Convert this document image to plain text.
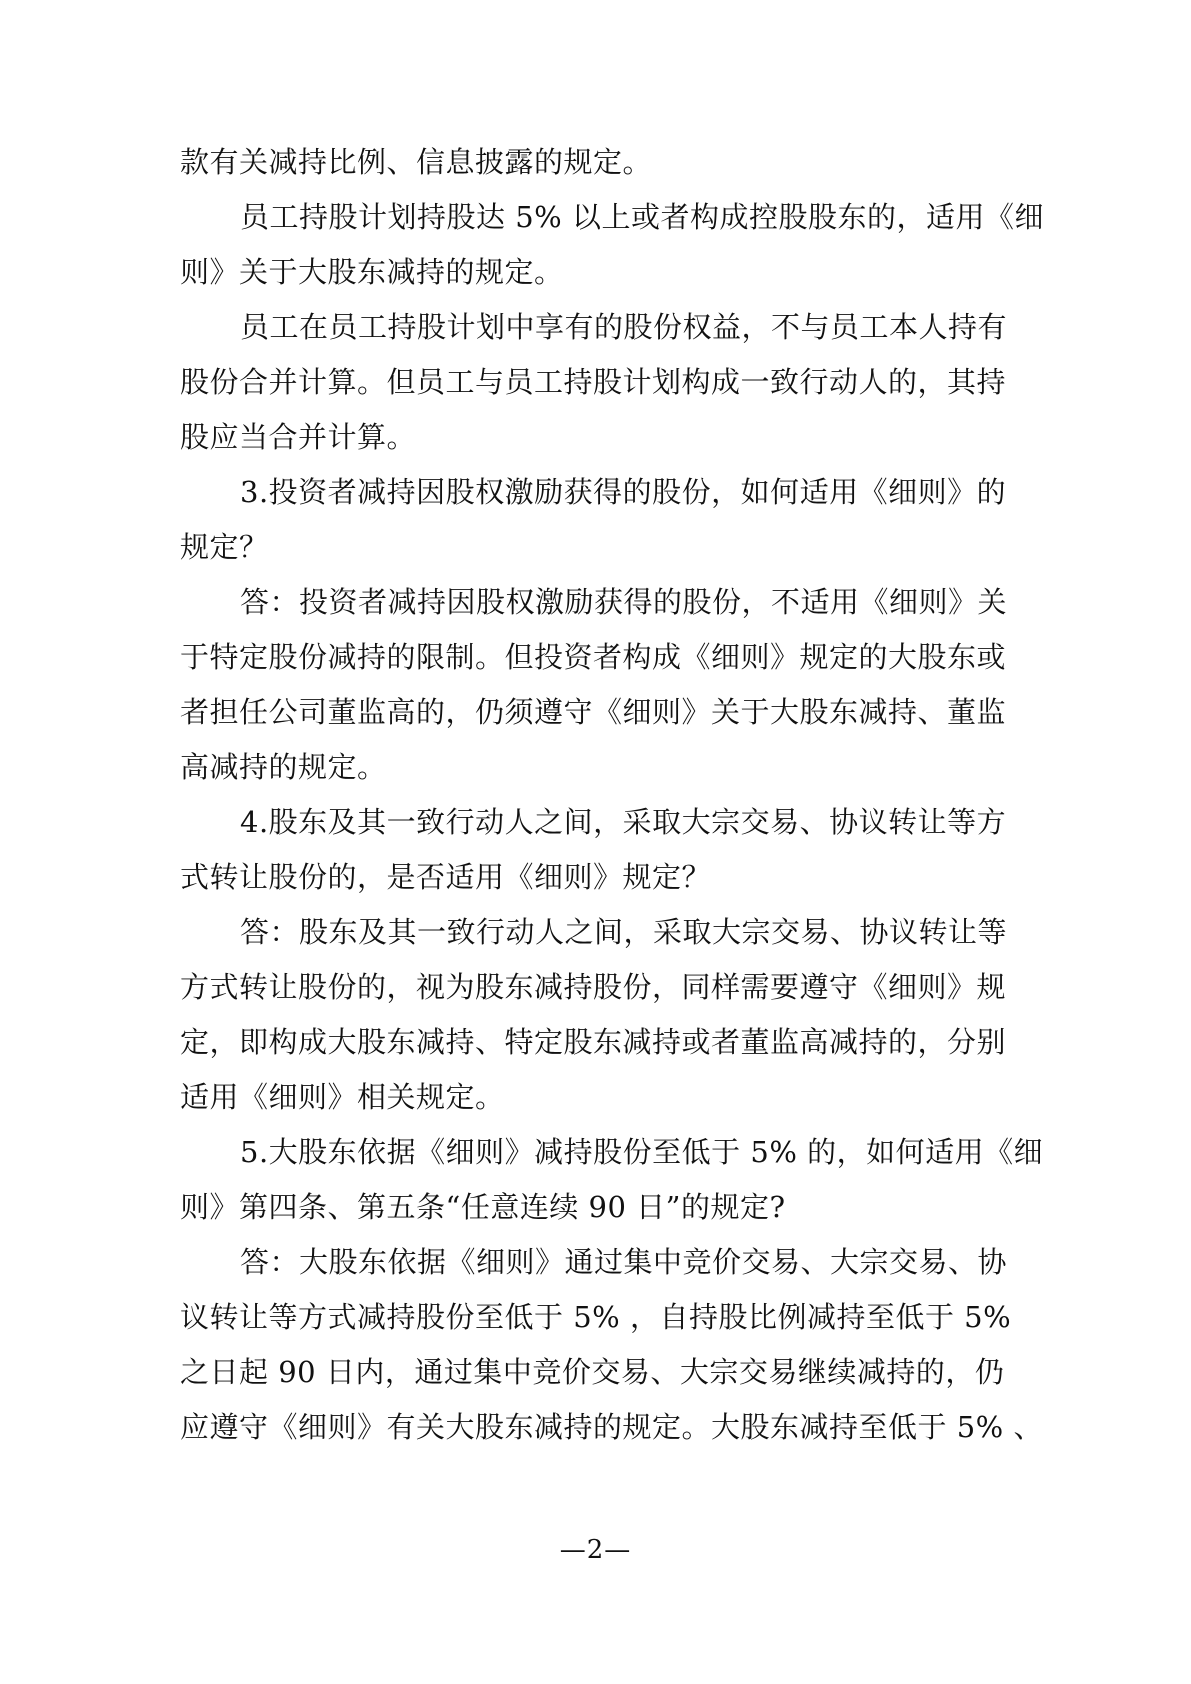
款有关减持比例、信息披露的规定。
员工持股计划持股达 5% 以上或者构成控股股东的，适用《细
则》关于大股东减持的规定。
员工在员工持股计划中享有的股份权益，不与员工本人持有
股份合并计算。但员工与员工持股计划构成一致行动人的，其持
股应当合并计算。
3.投资者减持因股权激励获得的股份，如何适用《细则》的
规定？
答：投资者减持因股权激励获得的股份，不适用《细则》关
于特定股份减持的限制。但投资者构成《细则》规定的大股东或
者担任公司董监高的，仍须遵守《细则》关于大股东减持、董监
高减持的规定。
4.股东及其一致行动人之间，采取大宗交易、协议转让等方
式转让股份的，是否适用《细则》规定？
答：股东及其一致行动人之间，采取大宗交易、协议转让等
方式转让股份的，视为股东减持股份，同样需要遵守《细则》规
定，即构成大股东减持、特定股东减持或者董监高减持的，分别
适用《细则》相关规定。
5.大股东依据《细则》减持股份至低于 5% 的，如何适用《细
则》第四条、第五条“任意连续 90 日”的规定?
答：大股东依据《细则》通过集中竞价交易、大宗交易、协
议转让等方式减持股份至低于 5% ，自持股比例减持至低于 5%
之日起 90 日内，通过集中竞价交易、大宗交易继续减持的，仍
应遵守《细则》有关大股东减持的规定。大股东减持至低于 5% 、
—2—
